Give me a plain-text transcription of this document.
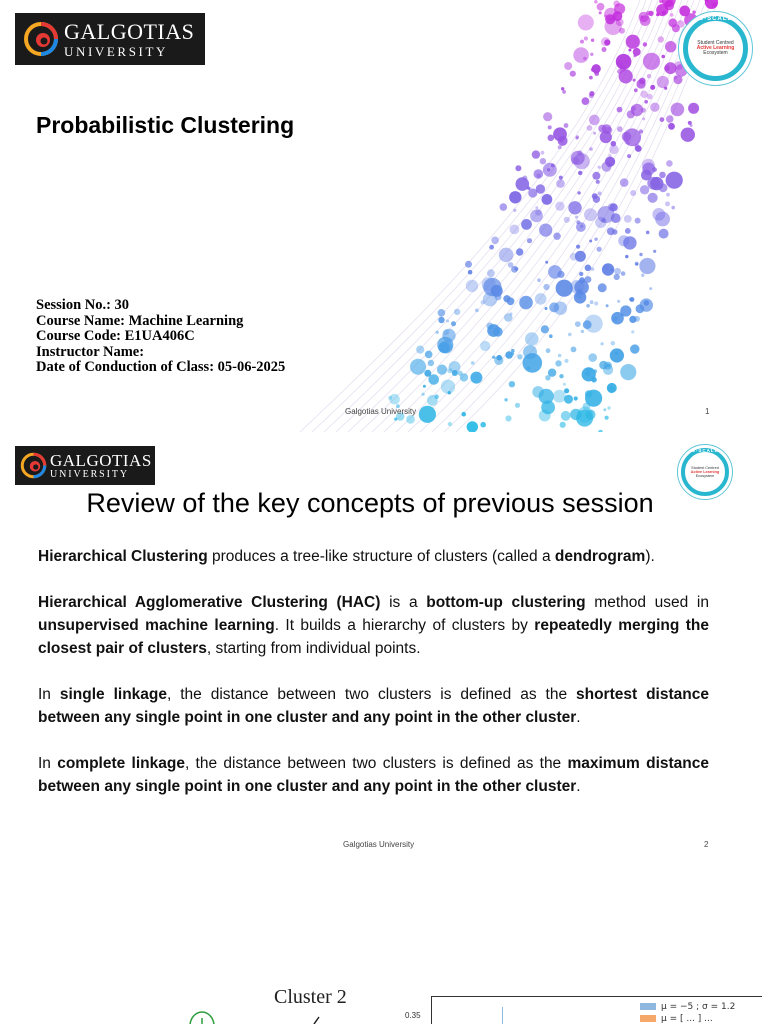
GALGOTIAS
UNIVERSITY
G-SCALE
Student Centred
Active Learning
Ecosystem
Probabilistic Clustering
Session No.: 30
Course Name: Machine Learning
Course Code: E1UA406C
Instructor Name:
Date of Conduction of Class: 05-06-2025
Galgotias University	1
GALGOTIAS
UNIVERSITY
G-SCALE
Student Centred
Active Learning
Ecosystem
Review of the key concepts of previous session

Hierarchical Clustering produces a tree-like structure of clusters (called a dendrogram).

Hierarchical Agglomerative Clustering (HAC) is a bottom-up clustering method used in unsupervised machine learning. It builds a hierarchy of clusters by repeatedly merging the closest pair of clusters, starting from individual points.

In single linkage, the distance between two clusters is defined as the shortest distance between any single point in one cluster and any point in the other cluster.

In complete linkage, the distance between two clusters is defined as the maximum distance between any single point in one cluster and any point in the other cluster.

Galgotias University	2
Cluster 2
0.35
μ = −5 ; σ = 1.2
μ = [ ... ] ...
